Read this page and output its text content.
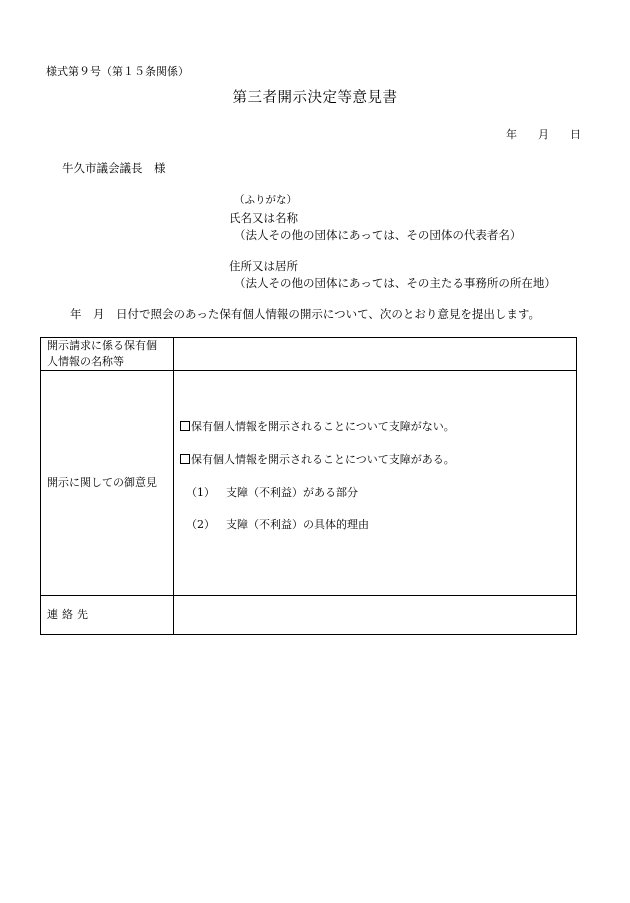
様式第９号（第１５条関係）
第三者開示決定等意見書
年 月 日
牛久市議会議長　様
（ふりがな）
氏名又は名称
（法人その他の団体にあっては、その団体の代表者名）
住所又は居所
（法人その他の団体にあっては、その主たる事務所の所在地）
年　月　日付で照会のあった保有個人情報の開示について、次のとおり意見を提出します。
開示請求に係る保有個
人情報の名称等	

開示に関しての御意見	保有個人情報を開示されることについて支障がない。
保有個人情報を開示されることについて支障がある。
（1） 支障（不利益）がある部分
（2） 支障（不利益）の具体的理由

連絡先	
